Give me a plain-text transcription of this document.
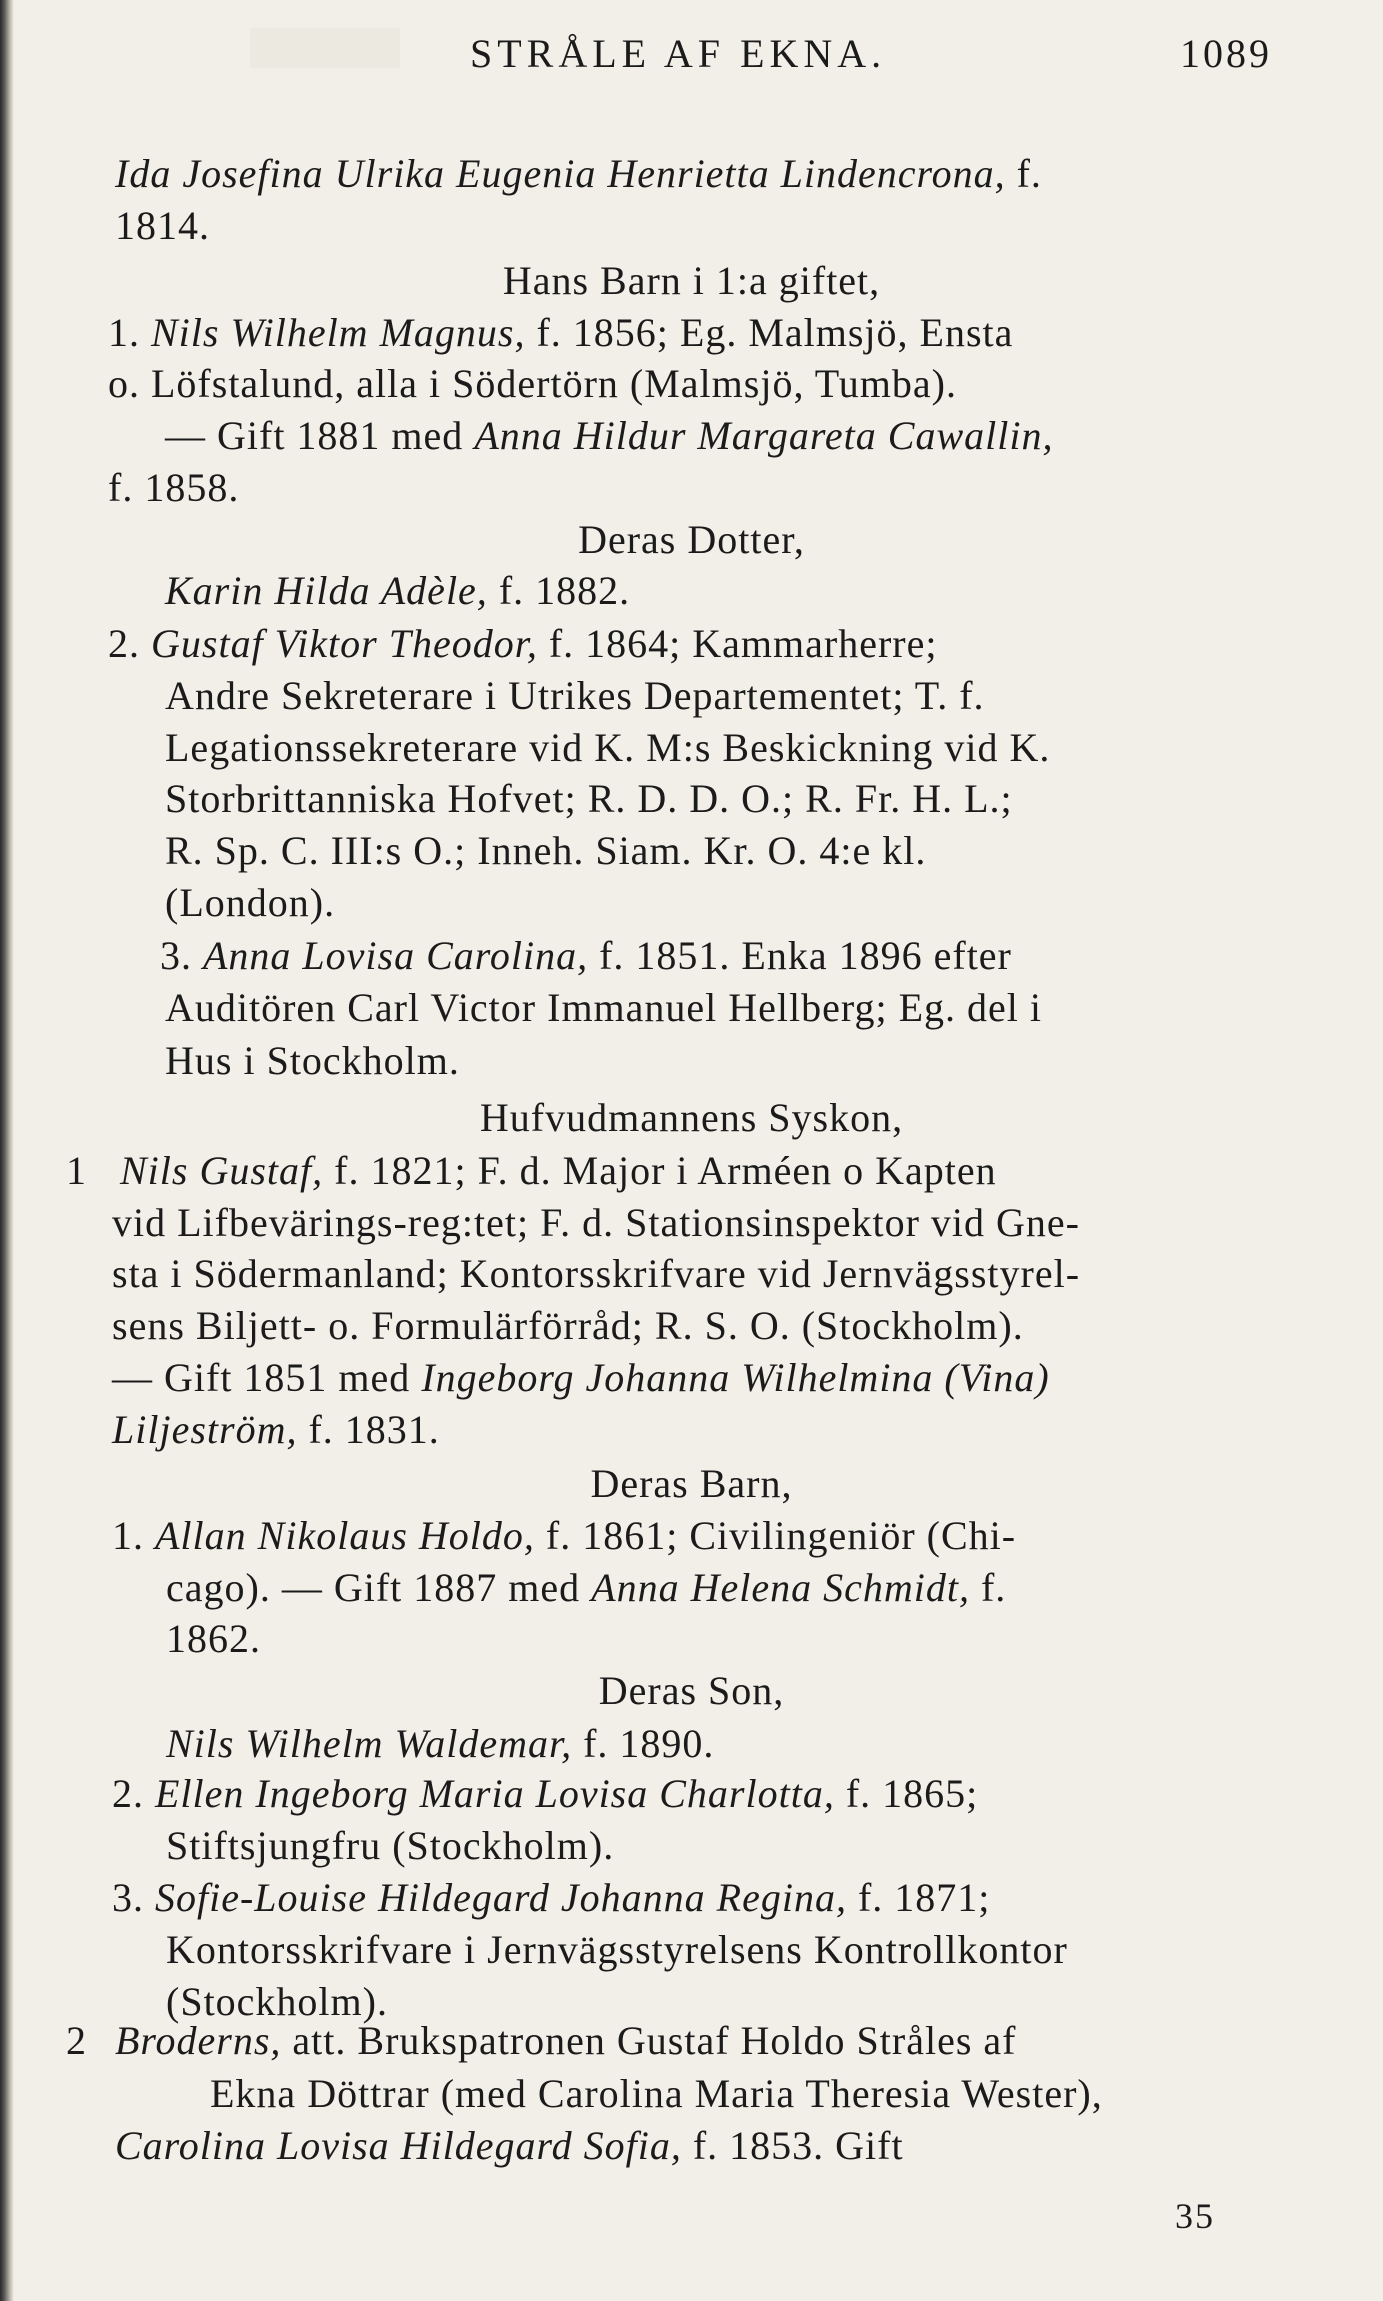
STRÅLE AF EKNA.	1089
Ida Josefina Ulrika Eugenia Henrietta Lindencrona, f.
1814.
Hans Barn i 1:a giftet,
1. Nils Wilhelm Magnus, f. 1856; Eg. Malmsjö, Ensta
o. Löfstalund, alla i Södertörn (Malmsjö, Tumba).
— Gift 1881 med Anna Hildur Margareta Cawallin,
f. 1858.
Deras Dotter,
Karin Hilda Adèle, f. 1882.
2. Gustaf Viktor Theodor, f. 1864; Kammarherre;
Andre Sekreterare i Utrikes Departementet; T. f.
Legationssekreterare vid K. M:s Beskickning vid K.
Storbrittanniska Hofvet; R. D. D. O.; R. Fr. H. L.;
R. Sp. C. III:s O.; Inneh. Siam. Kr. O. 4:e kl.
(London).
3. Anna Lovisa Carolina, f. 1851. Enka 1896 efter
Auditören Carl Victor Immanuel Hellberg; Eg. del i
Hus i Stockholm.
Hufvudmannens Syskon,
Nils Gustaf, f. 1821; F. d. Major i Arméen o Kapten
vid Lifbevärings-reg:tet; F. d. Stationsinspektor vid Gne-
sta i Södermanland; Kontorsskrifvare vid Jernvägsstyrel-
sens Biljett- o. Formulärförråd; R. S. O. (Stockholm).
— Gift 1851 med Ingeborg Johanna Wilhelmina (Vina)
Liljeström, f. 1831.
Deras Barn,
1. Allan Nikolaus Holdo, f. 1861; Civilingeniör (Chi-
cago). — Gift 1887 med Anna Helena Schmidt, f.
1862.
Deras Son,
Nils Wilhelm Waldemar, f. 1890.
2. Ellen Ingeborg Maria Lovisa Charlotta, f. 1865;
Stiftsjungfru (Stockholm).
3. Sofie-Louise Hildegard Johanna Regina, f. 1871;
Kontorsskrifvare i Jernvägsstyrelsens Kontrollkontor
(Stockholm).
Broderns, att. Brukspatronen Gustaf Holdo Stråles af
Ekna Döttrar (med Carolina Maria Theresia Wester),
Carolina Lovisa Hildegard Sofia, f. 1853. Gift
1
2
35
